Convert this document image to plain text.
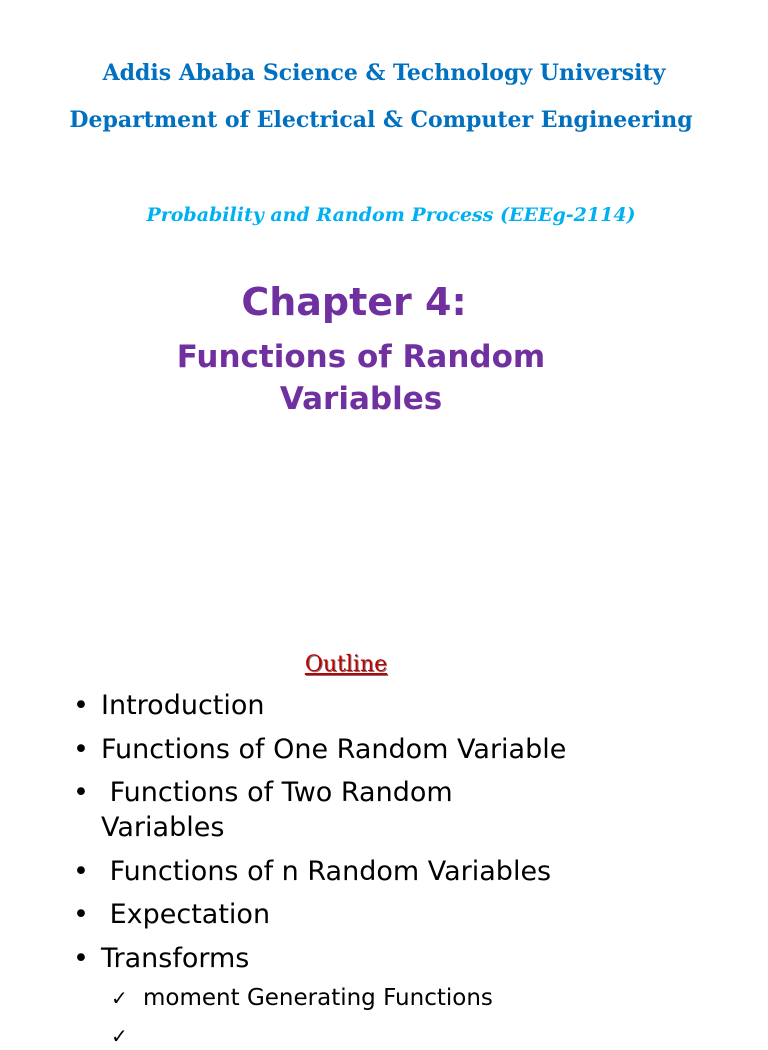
Addis Ababa Science & Technology University
Department of Electrical & Computer Engineering
Probability and Random Process (EEEg-2114)
Chapter 4:
Functions of Random
Variables
Outline
• Introduction
• Functions of One Random Variable
• Functions of Two Random
Variables
• Functions of n Random Variables
• Expectation
• Transforms
✓ moment Generating Functions
✓
